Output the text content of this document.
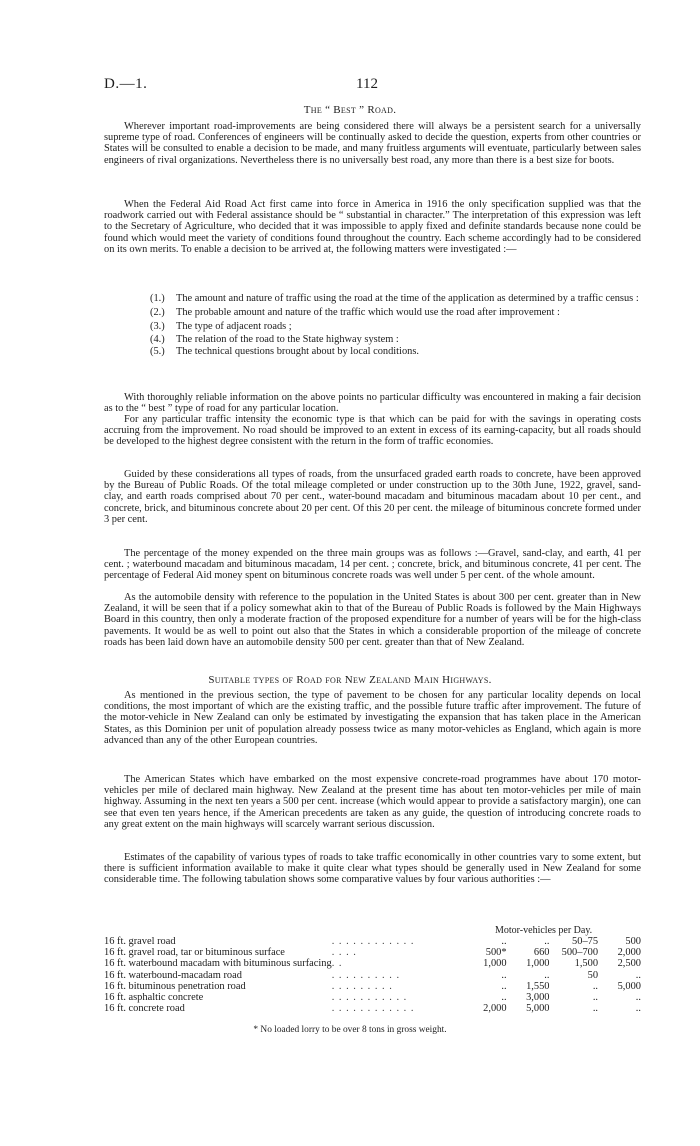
D.—1.	112
The “ Best ” Road.

Wherever important road-improvements are being considered there will always be a persistent search for a universally supreme type of road. Conferences of engineers will be continually asked to decide the question, experts from other countries or States will be consulted to enable a decision to be made, and many fruitless arguments will eventuate, particularly between sales engineers of rival organizations. Nevertheless there is no universally best road, any more than there is a best size for boots.

When the Federal Aid Road Act first came into force in America in 1916 the only specification supplied was that the roadwork carried out with Federal assistance should be “ substantial in character.” The interpretation of this expression was left to the Secretary of Agriculture, who decided that it was impossible to apply fixed and definite standards because none could be found which would meet the variety of conditions found throughout the country. Each scheme accordingly had to be considered on its own merits. To enable a decision to be arrived at, the following matters were investigated :—

(1.) The amount and nature of traffic using the road at the time of the application as determined by a traffic census :
(2.) The probable amount and nature of the traffic which would use the road after improvement :
(3.) The type of adjacent roads ;
(4.) The relation of the road to the State highway system :
(5.) The technical questions brought about by local conditions.

With thoroughly reliable information on the above points no particular difficulty was encountered in making a fair decision as to the “ best ” type of road for any particular location.

For any particular traffic intensity the economic type is that which can be paid for with the savings in operating costs accruing from the improvement. No road should be improved to an extent in excess of its earning-capacity, but all roads should be developed to the highest degree consistent with the return in the form of traffic economies.

Guided by these considerations all types of roads, from the unsurfaced graded earth roads to concrete, have been approved by the Bureau of Public Roads. Of the total mileage completed or under construction up to the 30th June, 1922, gravel, sand-clay, and earth roads comprised about 70 per cent., water-bound macadam and bituminous macadam about 10 per cent., and concrete, brick, and bituminous concrete about 20 per cent. Of this 20 per cent. the mileage of bituminous concrete formed under 3 per cent.

The percentage of the money expended on the three main groups was as follows :—Gravel, sand-clay, and earth, 41 per cent. ; waterbound macadam and bituminous macadam, 14 per cent. ; concrete, brick, and bituminous concrete, 41 per cent. The percentage of Federal Aid money spent on bituminous concrete roads was well under 5 per cent. of the whole amount.

As the automobile density with reference to the population in the United States is about 300 per cent. greater than in New Zealand, it will be seen that if a policy somewhat akin to that of the Bureau of Public Roads is followed by the Main Highways Board in this country, then only a moderate fraction of the proposed expenditure for a number of years will be for the high-class pavements. It would be as well to point out also that the States in which a considerable proportion of the mileage of concrete roads has been laid down have an automobile density 500 per cent. greater than that of New Zealand.

Suitable types of Road for New Zealand Main Highways.

As mentioned in the previous section, the type of pavement to be chosen for any particular locality depends on local conditions, the most important of which are the existing traffic, and the possible future traffic after improvement. The future of the motor-vehicle in New Zealand can only be estimated by investigating the expansion that has taken place in the American States, as this Dominion per unit of population already possess twice as many motor-vehicles as England, which again is more advanced than any of the other European countries.

The American States which have embarked on the most expensive concrete-road programmes have about 170 motor-vehicles per mile of declared main highway. New Zealand at the present time has about ten motor-vehicles per mile of main highway. Assuming in the next ten years a 500 per cent. increase (which would appear to provide a satisfactory margin), one can see that even ten years hence, if the American precedents are taken as any guide, the question of introducing concrete roads to any great extent on the main highways will scarcely warrant serious discussion.

Estimates of the capability of various types of roads to take traffic economically in other countries vary to some extent, but there is sufficient information available to make it quite clear what types should be generally used in New Zealand for some considerable time. The following tabulation shows some comparative values by four various authorities :—

Motor-vehicles per Day.
16 ft. gravel road	. . . . . . . . . . . .	..	..	50–75	500
16 ft. gravel road, tar or bituminous surface	. . . .	500*	660	500–700	2,000
16 ft. waterbound macadam with bituminous surfacing	. .	1,000	1,000	1,500	2,500
16 ft. waterbound-macadam road	. . . . . . . . . .	..	..	50	..
16 ft. bituminous penetration road	. . . . . . . . .	..	1,550	..	5,000
16 ft. asphaltic concrete	. . . . . . . . . . .	..	3,000	..	..
16 ft. concrete road	. . . . . . . . . . . .	2,000	5,000	..	..
* No loaded lorry to be over 8 tons in gross weight.
